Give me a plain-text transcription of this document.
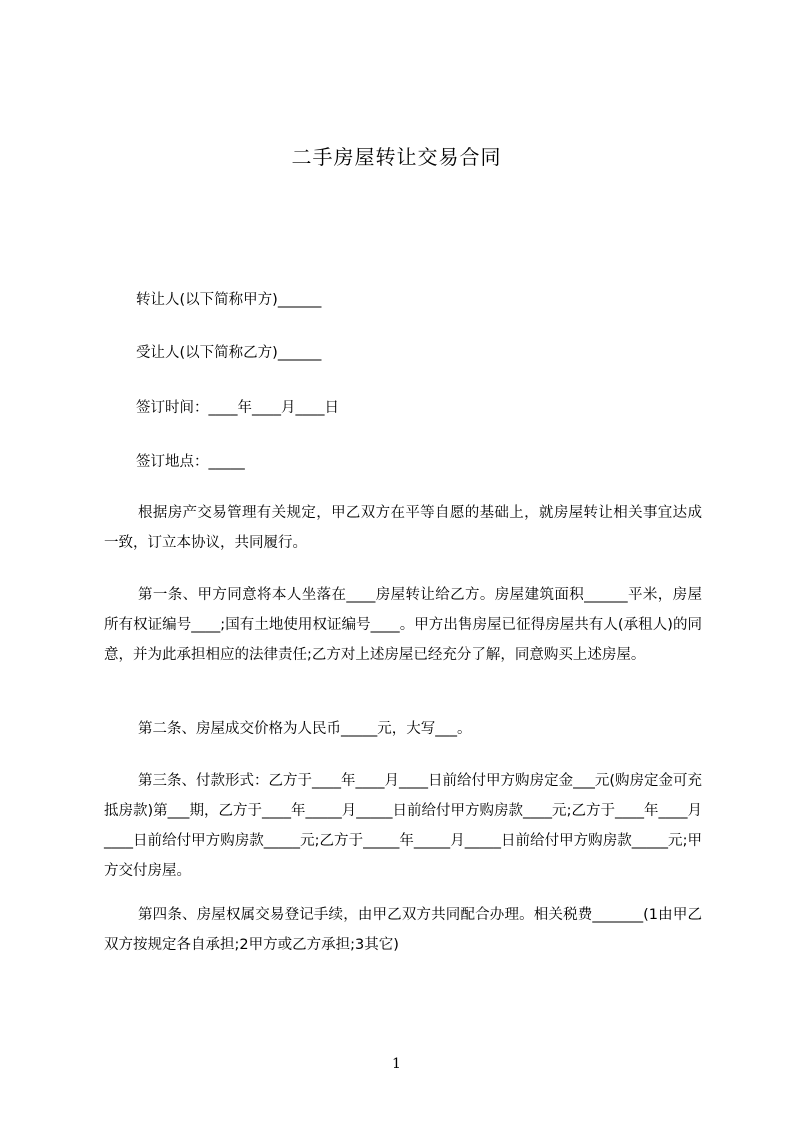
二手房屋转让交易合同
转让人(以下简称甲方)______
受让人(以下简称乙方)______
签订时间：____年____月____日
签订地点：_____

根据房产交易管理有关规定，甲乙双方在平等自愿的基础上，就房屋转让相关事宜达成一致，订立本协议，共同履行。

第一条、甲方同意将本人坐落在____房屋转让给乙方。房屋建筑面积______平米，房屋所有权证编号____;国有土地使用权证编号____。甲方出售房屋已征得房屋共有人(承租人)的同意，并为此承担相应的法律责任;乙方对上述房屋已经充分了解，同意购买上述房屋。

第二条、房屋成交价格为人民币_____元，大写___。

第三条、付款形式：乙方于____年____月____日前给付甲方购房定金___元(购房定金可充抵房款)第___期，乙方于____年_____月_____日前给付甲方购房款____元;乙方于____年____月____日前给付甲方购房款_____元;乙方于_____年_____月_____日前给付甲方购房款_____元;甲方交付房屋。

第四条、房屋权属交易登记手续，由甲乙双方共同配合办理。相关税费_______(1由甲乙双方按规定各自承担;2甲方或乙方承担;3其它)

1
